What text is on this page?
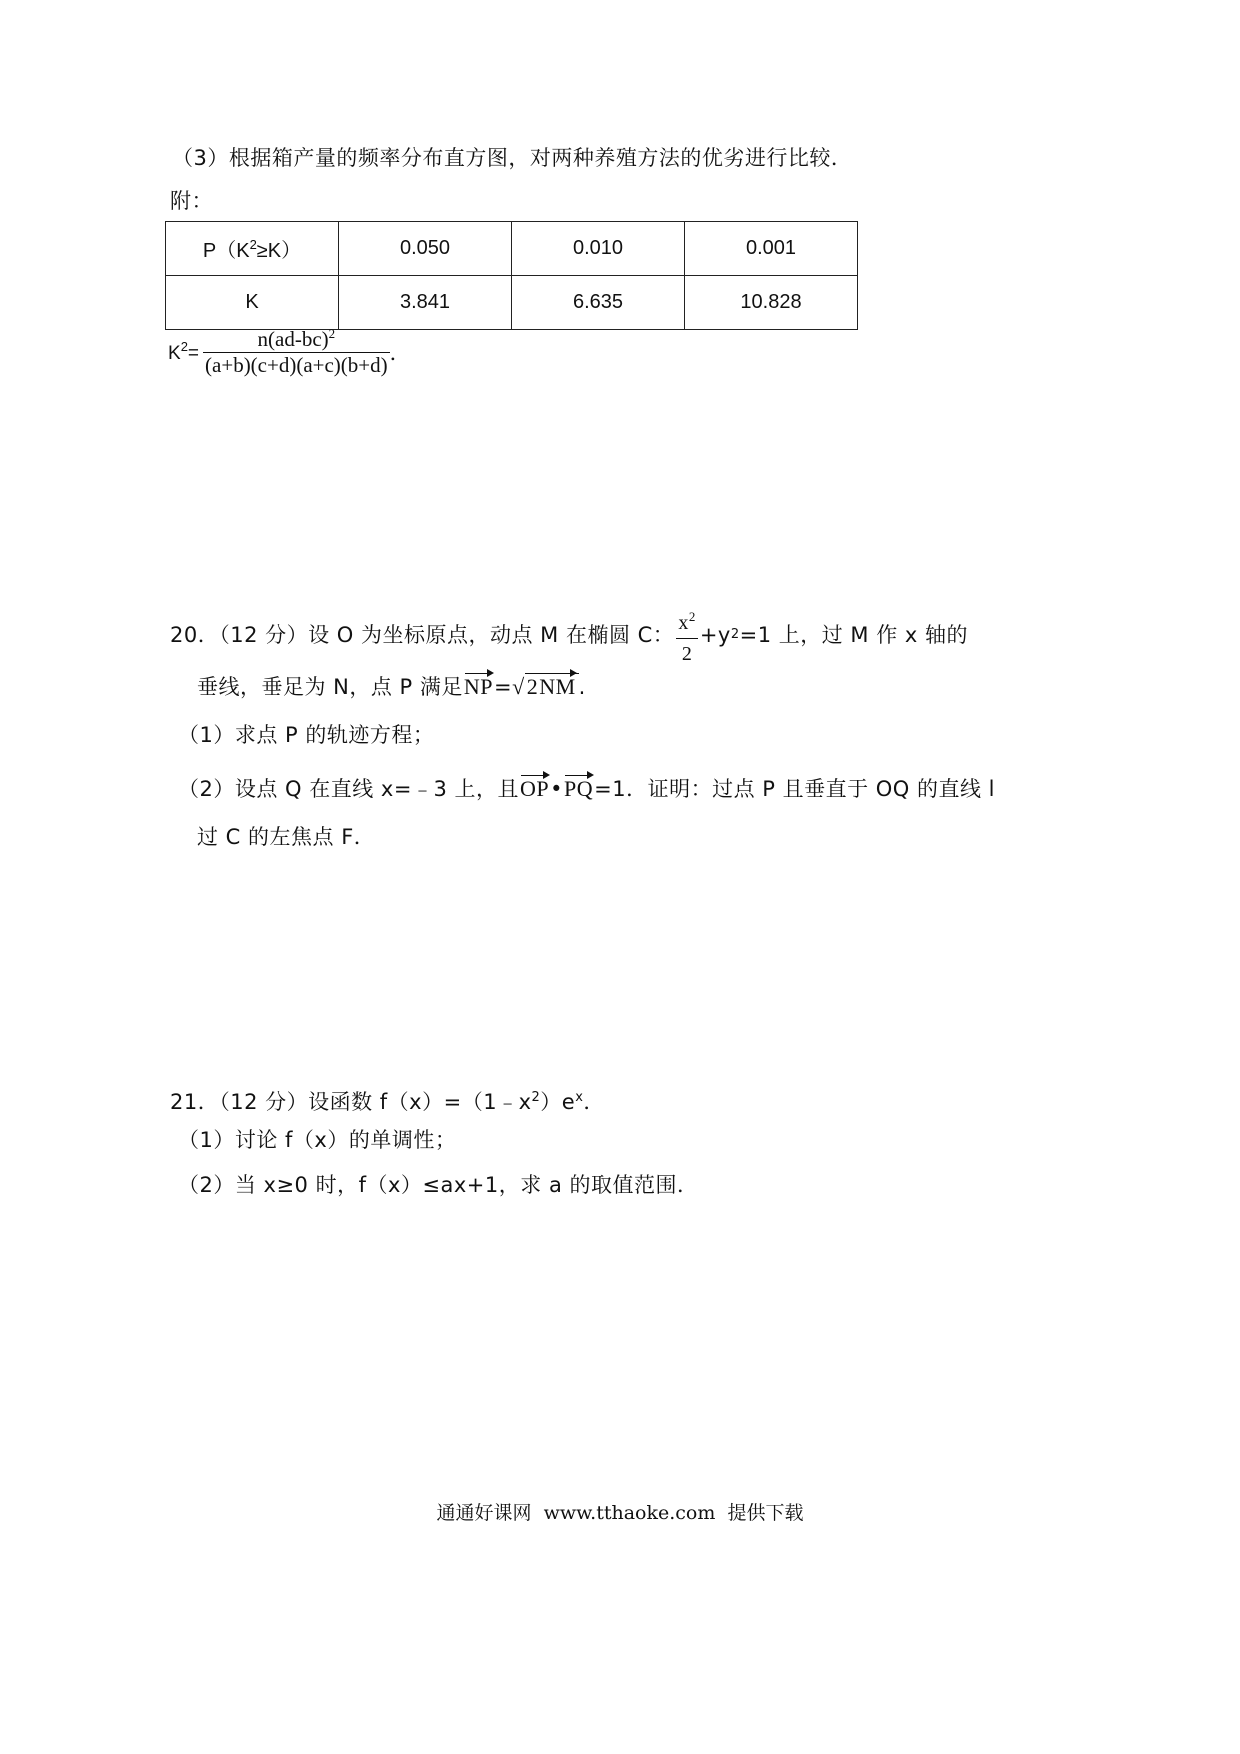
（3）根据箱产量的频率分布直方图，对两种养殖方法的优劣进行比较．
附：
$P(K^2\ge K)$	0.050	0.010	0.001
K	3.841	6.635	10.828
$K^2= \frac{n(ad-bc)^2}{(a+b)(c+d)(a+c)(b+d)}$ ．
20．（12 分）设 O 为坐标原点，动点 M 在椭圆 C： $\frac{x^2}{2} +y$ 2 =1 上，过 M 作 x 轴的
垂线，垂足为 N，点 P 满足 NP = √2NM .
（1）求点 P 的轨迹方程；
（2）设点 Q 在直线 x=﹣3 上，且 OP • PQ =1．证明：过点 P 且垂直于 OQ 的直线 l
过 C 的左焦点 F．
21．（12 分）设函数 $f(x)=(1﹣x^2)e^x$．
（1）讨论 f（x）的单调性；
（2）当 x≥0 时，f（x）≤ax+1，求 a 的取值范围．
通通好课网  www.tthaoke.com  提供下载
